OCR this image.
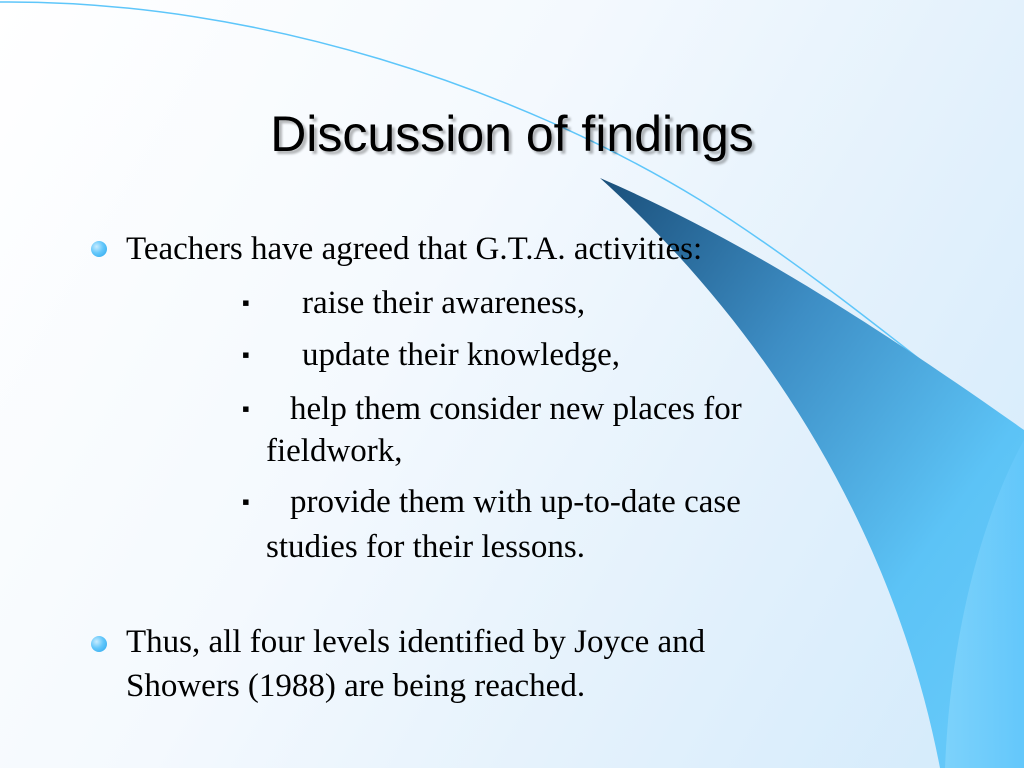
Discussion of findings
Teachers have agreed that G.T.A. activities:
▪ raise their awareness,
▪ update their knowledge,
▪ help them consider new places for
fieldwork,
▪ provide them with up-to-date case
studies for their lessons.
Thus, all four levels identified by Joyce and
Showers (1988) are being reached.
